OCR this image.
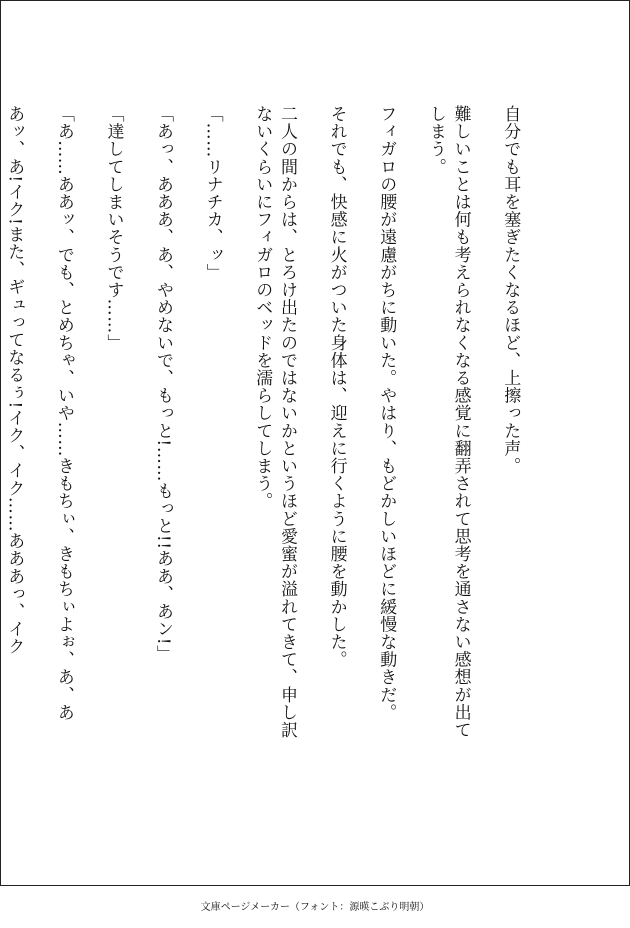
自分でも耳を塞ぎたくなるほど、上擦った声。

難しいことは何も考えられなくなる感覚に翻弄されて思考を通さない感想が出てしまう。

フィガロの腰が遠慮がちに動いた。やはり、もどかしいほどに緩慢な動きだ。

それでも、快感に火がついた身体は、迎えに行くように腰を動かした。

二人の間からは、とろけ出たのではないかというほど愛蜜が溢れてきて、申し訳ないくらいにフィガロのベッドを濡らしてしまう。

「……リナチカ、ッ」

「あっ、あああ、あ、やめないで、もっと!……もっと!!ああ、あン!」

「達してしまいそうです……」

「あ……ああッ、でも、とめちゃ、いや……きもちぃ、きもちぃよぉ、あ、あ

あッ、あ!イク!また、ギュってなるぅ!イク、イク……あああっ、イク

文庫ページメーカー（フォント：源暎こぶり明朝）
